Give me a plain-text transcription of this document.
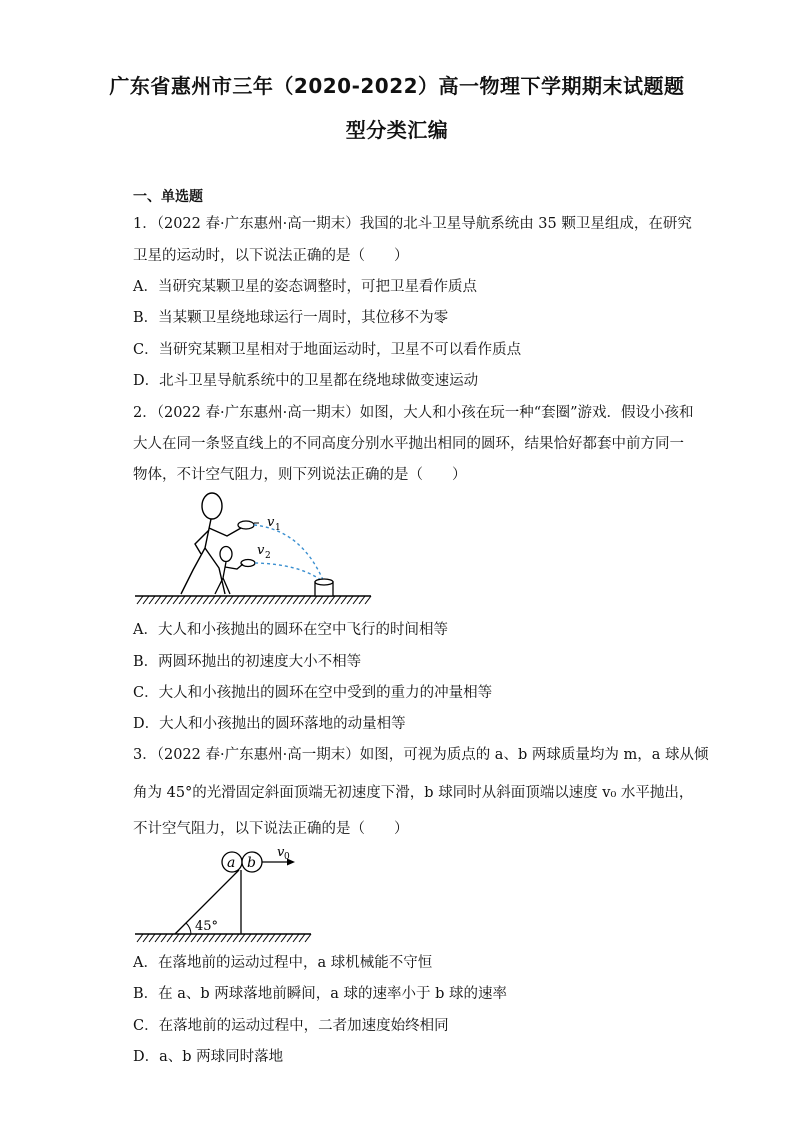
广东省惠州市三年（2020-2022）高一物理下学期期末试题题
型分类汇编
一、单选题
1．（2022 春·广东惠州·高一期末）我国的北斗卫星导航系统由 35 颗卫星组成，在研究
卫星的运动时，以下说法正确的是（　　）
A．当研究某颗卫星的姿态调整时，可把卫星看作质点
B．当某颗卫星绕地球运行一周时，其位移不为零
C．当研究某颗卫星相对于地面运动时，卫星不可以看作质点
D．北斗卫星导航系统中的卫星都在绕地球做变速运动
2．（2022 春·广东惠州·高一期末）如图，大人和小孩在玩一种“套圈”游戏．假设小孩和
大人在同一条竖直线上的不同高度分别水平抛出相同的圆环，结果恰好都套中前方同一
物体，不计空气阻力，则下列说法正确的是（　　）
v 1
v 2
A．大人和小孩抛出的圆环在空中飞行的时间相等
B．两圆环抛出的初速度大小不相等
C．大人和小孩抛出的圆环在空中受到的重力的冲量相等
D．大人和小孩抛出的圆环落地的动量相等
3．（2022 春·广东惠州·高一期末）如图，可视为质点的 a、b 两球质量均为 m，a 球从倾
角为 45°的光滑固定斜面顶端无初速度下滑，b 球同时从斜面顶端以速度 v₀ 水平抛出，
不计空气阻力，以下说法正确的是（　　）
45°
a b
v 0
A．在落地前的运动过程中，a 球机械能不守恒
B．在 a、b 两球落地前瞬间，a 球的速率小于 b 球的速率
C．在落地前的运动过程中，二者加速度始终相同
D．a、b 两球同时落地
